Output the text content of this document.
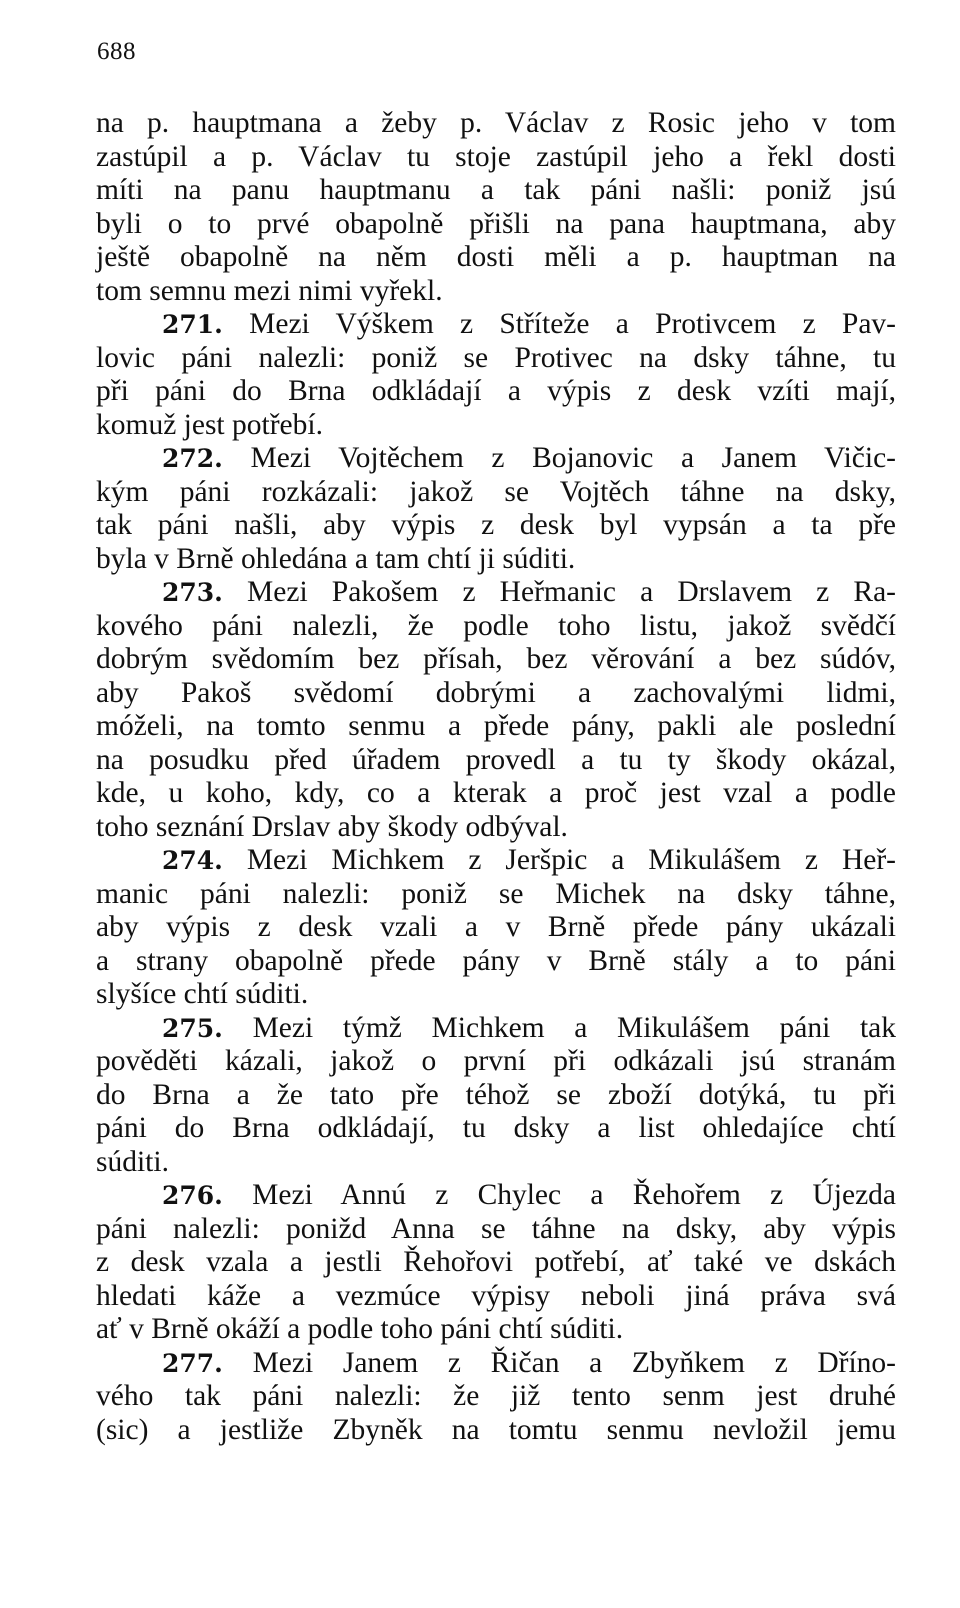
688
na p. hauptmana a žeby p. Václav z Rosic jeho v tom
zastúpil a p. Václav tu stoje zastúpil jeho a řekl dosti
míti na panu hauptmanu a tak páni našli: poniž jsú
byli o to prvé obapolně přišli na pana hauptmana, aby
ještě obapolně na něm dosti měli a p. hauptman na
tom semnu mezi nimi vyřekl.
271. Mezi Výškem z Stříteže a Protivcem z Pav-
lovic páni nalezli: poniž se Protivec na dsky táhne, tu
při páni do Brna odkládají a výpis z desk vzíti mají,
komuž jest potřebí.
272. Mezi Vojtěchem z Bojanovic a Janem Vičic-
kým páni rozkázali: jakož se Vojtěch táhne na dsky,
tak páni našli, aby výpis z desk byl vypsán a ta pře
byla v Brně ohledána a tam chtí ji súditi.
273. Mezi Pakošem z Heřmanic a Drslavem z Ra-
kového páni nalezli, že podle toho listu, jakož svědčí
dobrým svědomím bez přísah, bez věrování a bez súdóv,
aby Pakoš svědomí dobrými a zachovalými lidmi,
móželi, na tomto senmu a přede pány, pakli ale poslední
na posudku před úřadem provedl a tu ty škody okázal,
kde, u koho, kdy, co a kterak a proč jest vzal a podle
toho seznání Drslav aby škody odbýval.
274. Mezi Michkem z Jeršpic a Mikulášem z Heř-
manic páni nalezli: poniž se Michek na dsky táhne,
aby výpis z desk vzali a v Brně přede pány ukázali
a strany obapolně přede pány v Brně stály a to páni
slyšíce chtí súditi.
275. Mezi týmž Michkem a Mikulášem páni tak
pověděti kázali, jakož o první při odkázali jsú stranám
do Brna a že tato pře téhož se zboží dotýká, tu při
páni do Brna odkládají, tu dsky a list ohledajíce chtí
súditi.
276. Mezi Annú z Chylec a Řehořem z Újezda
páni nalezli: ponižd Anna se táhne na dsky, aby výpis
z desk vzala a jestli Řehořovi potřebí, ať také ve dskách
hledati káže a vezmúce výpisy neboli jiná práva svá
ať v Brně okáží a podle toho páni chtí súditi.
277. Mezi Janem z Řičan a Zbyňkem z Dříno-
vého tak páni nalezli: že již tento senm jest druhé
(sic) a jestliže Zbyněk na tomtu senmu nevložil jemu
